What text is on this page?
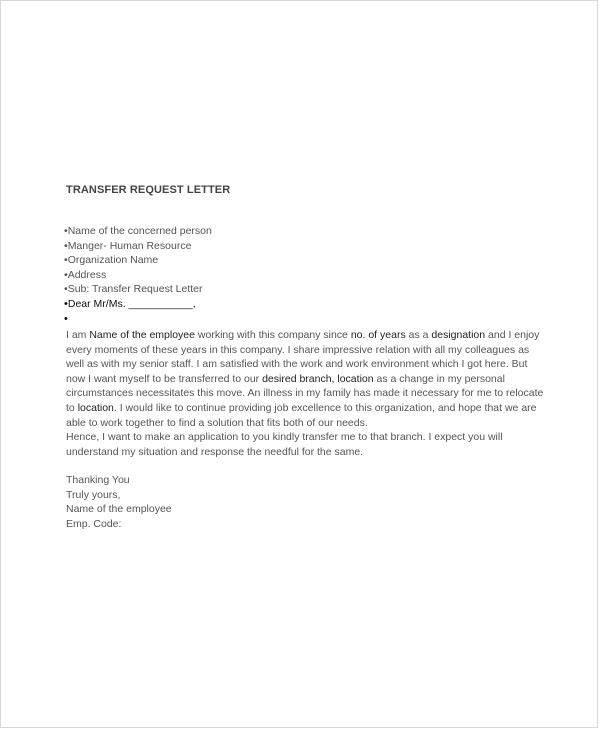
TRANSFER REQUEST LETTER
•Name of the concerned person
•Manger- Human Resource
•Organization Name
•Address
•Sub: Transfer Request Letter
•Dear Mr/Ms. ___________,
•

I am Name of the employee working with this company since no. of years as a designation and I enjoy every moments of these years in this company. I share impressive relation with all my colleagues as well as with my senior staff. I am satisfied with the work and work environment which I got here. But now I want myself to be transferred to our desired branch, location as a change in my personal circumstances necessitates this move. An illness in my family has made it necessary for me to relocate to location. I would like to continue providing job excellence to this organization, and hope that we are able to work together to find a solution that fits both of our needs.

Hence, I want to make an application to you kindly transfer me to that branch. I expect you will understand my situation and response the needful for the same.

Thanking You
Truly yours,
Name of the employee
Emp. Code:
